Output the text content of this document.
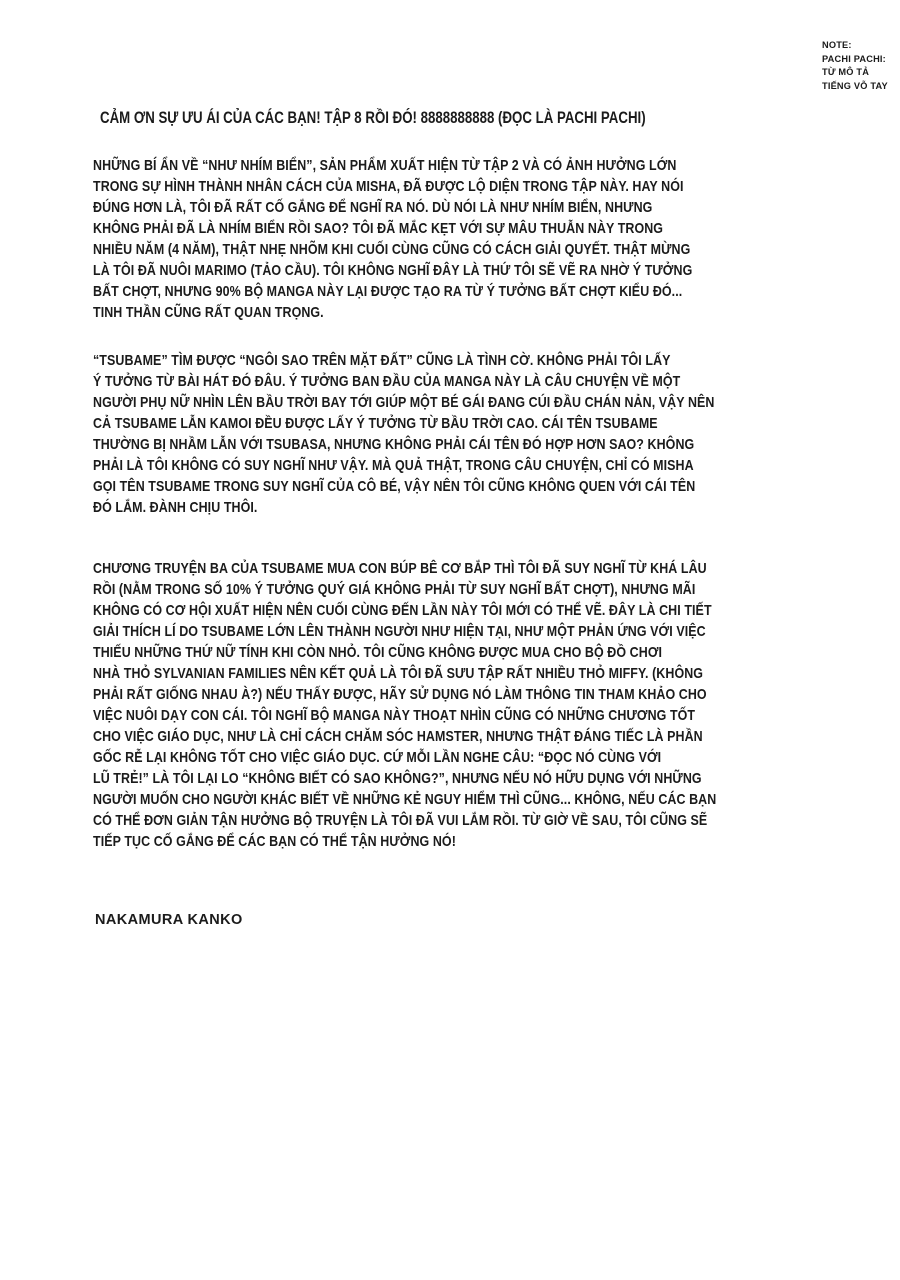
NOTE:
PACHI PACHI:
TỪ MÔ TẢ
TIẾNG VỖ TAY
CẢM ƠN SỰ ƯU ÁI CỦA CÁC BẠN! TẬP 8 RỒI ĐÓ! 8888888888 (ĐỌC LÀ PACHI PACHI)
NHỮNG BÍ ẨN VỀ “NHƯ NHÍM BIỂN”, SẢN PHẨM XUẤT HIỆN TỪ TẬP 2 VÀ CÓ ẢNH HƯỞNG LỚN
TRONG SỰ HÌNH THÀNH NHÂN CÁCH CỦA MISHA, ĐÃ ĐƯỢC LỘ DIỆN TRONG TẬP NÀY. HAY NÓI
ĐÚNG HƠN LÀ, TÔI ĐÃ RẤT CỐ GẮNG ĐỂ NGHĨ RA NÓ. DÙ NÓI LÀ NHƯ NHÍM BIỂN, NHƯNG
KHÔNG PHẢI ĐÃ LÀ NHÍM BIỂN RỒI SAO? TÔI ĐÃ MẮC KẸT VỚI SỰ MÂU THUẪN NÀY TRONG
NHIỀU NĂM (4 NĂM), THẬT NHẸ NHÕM KHI CUỐI CÙNG CŨNG CÓ CÁCH GIẢI QUYẾT. THẬT MỪNG
LÀ TÔI ĐÃ NUÔI MARIMO (TẢO CẦU). TÔI KHÔNG NGHĨ ĐÂY LÀ THỨ TÔI SẼ VẼ RA NHỜ Ý TƯỞNG
BẤT CHỢT, NHƯNG 90% BỘ MANGA NÀY LẠI ĐƯỢC TẠO RA TỪ Ý TƯỞNG BẤT CHỢT KIỂU ĐÓ...
TINH THẦN CŨNG RẤT QUAN TRỌNG.
“TSUBAME” TÌM ĐƯỢC “NGÔI SAO TRÊN MẶT ĐẤT” CŨNG LÀ TÌNH CỜ. KHÔNG PHẢI TÔI LẤY
Ý TƯỞNG TỪ BÀI HÁT ĐÓ ĐÂU. Ý TƯỞNG BAN ĐẦU CỦA MANGA NÀY LÀ CÂU CHUYỆN VỀ MỘT
NGƯỜI PHỤ NỮ NHÌN LÊN BẦU TRỜI BAY TỚI GIÚP MỘT BÉ GÁI ĐANG CÚI ĐẦU CHÁN NẢN, VẬY NÊN
CẢ TSUBAME LẪN KAMOI ĐỀU ĐƯỢC LẤY Ý TƯỞNG TỪ BẦU TRỜI CAO. CÁI TÊN TSUBAME
THƯỜNG BỊ NHẦM LẪN VỚI TSUBASA, NHƯNG KHÔNG PHẢI CÁI TÊN ĐÓ HỢP HƠN SAO? KHÔNG
PHẢI LÀ TÔI KHÔNG CÓ SUY NGHĨ NHƯ VẬY. MÀ QUẢ THẬT, TRONG CÂU CHUYỆN, CHỈ CÓ MISHA
GỌI TÊN TSUBAME TRONG SUY NGHĨ CỦA CÔ BÉ, VẬY NÊN TÔI CŨNG KHÔNG QUEN VỚI CÁI TÊN
ĐÓ LẮM. ĐÀNH CHỊU THÔI.
CHƯƠNG TRUYỆN BA CỦA TSUBAME MUA CON BÚP BÊ CƠ BẮP THÌ TÔI ĐÃ SUY NGHĨ TỪ KHÁ LÂU
RỒI (NẰM TRONG SỐ 10% Ý TƯỞNG QUÝ GIÁ KHÔNG PHẢI TỪ SUY NGHĨ BẤT CHỢT), NHƯNG MÃI
KHÔNG CÓ CƠ HỘI XUẤT HIỆN NÊN CUỐI CÙNG ĐẾN LẦN NÀY TÔI MỚI CÓ THỂ VẼ. ĐÂY LÀ CHI TIẾT
GIẢI THÍCH LÍ DO TSUBAME LỚN LÊN THÀNH NGƯỜI NHƯ HIỆN TẠI, NHƯ MỘT PHẢN ỨNG VỚI VIỆC
THIẾU NHỮNG THỨ NỮ TÍNH KHI CÒN NHỎ. TÔI CŨNG KHÔNG ĐƯỢC MUA CHO BỘ ĐỒ CHƠI
NHÀ THỎ SYLVANIAN FAMILIES NÊN KẾT QUẢ LÀ TÔI ĐÃ SƯU TẬP RẤT NHIỀU THỎ MIFFY. (KHÔNG
PHẢI RẤT GIỐNG NHAU À?) NẾU THẤY ĐƯỢC, HÃY SỬ DỤNG NÓ LÀM THÔNG TIN THAM KHẢO CHO
VIỆC NUÔI DẠY CON CÁI. TÔI NGHĨ BỘ MANGA NÀY THOẠT NHÌN CŨNG CÓ NHỮNG CHƯƠNG TỐT
CHO VIỆC GIÁO DỤC, NHƯ LÀ CHỈ CÁCH CHĂM SÓC HAMSTER, NHƯNG THẬT ĐÁNG TIẾC LÀ PHẦN
GỐC RỄ LẠI KHÔNG TỐT CHO VIỆC GIÁO DỤC. CỨ MỖI LẦN NGHE CÂU: “ĐỌC NÓ CÙNG VỚI
LŨ TRẺ!” LÀ TÔI LẠI LO “KHÔNG BIẾT CÓ SAO KHÔNG?”, NHƯNG NẾU NÓ HỮU DỤNG VỚI NHỮNG
NGƯỜI MUỐN CHO NGƯỜI KHÁC BIẾT VỀ NHỮNG KẺ NGUY HIỂM THÌ CŨNG... KHÔNG, NẾU CÁC BẠN
CÓ THỂ ĐƠN GIẢN TẬN HƯỞNG BỘ TRUYỆN LÀ TÔI ĐÃ VUI LẮM RỒI. TỪ GIỜ VỀ SAU, TÔI CŨNG SẼ
TIẾP TỤC CỐ GẮNG ĐỂ CÁC BẠN CÓ THỂ TẬN HƯỞNG NÓ!
NAKAMURA KANKO
